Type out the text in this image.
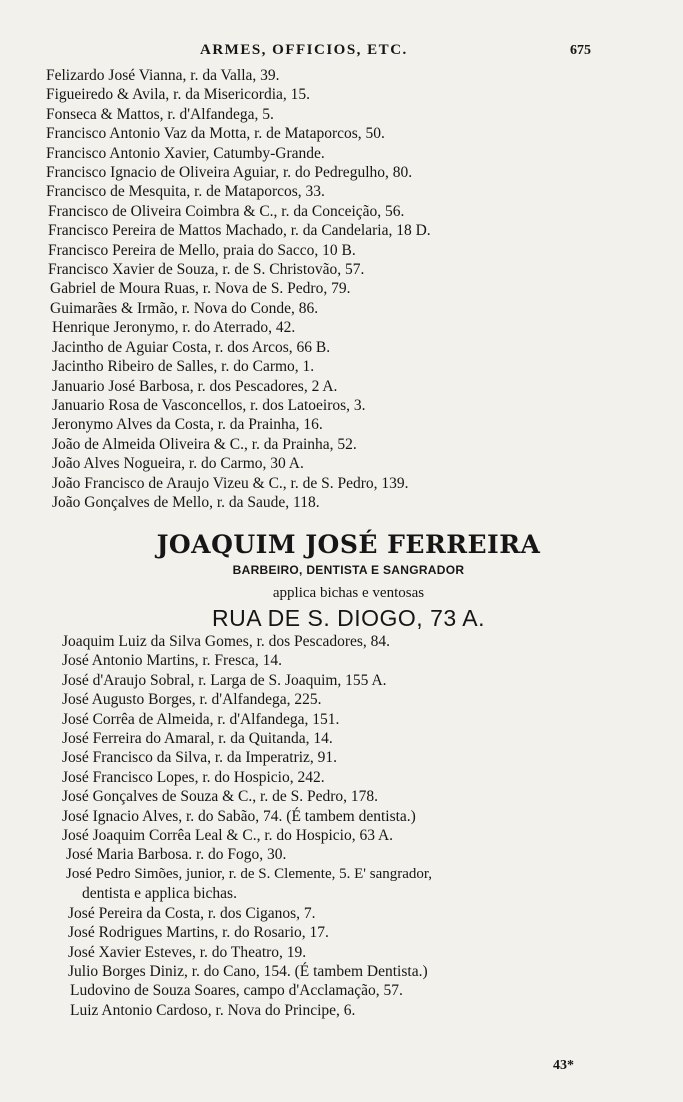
ARMES, OFFICIOS, ETC.	675
Felizardo José Vianna, r. da Valla, 39.
Figueiredo & Avila, r. da Misericordia, 15.
Fonseca & Mattos, r. d'Alfandega, 5.
Francisco Antonio Vaz da Motta, r. de Mataporcos, 50.
Francisco Antonio Xavier, Catumby-Grande.
Francisco Ignacio de Oliveira Aguiar, r. do Pedregulho, 80.
Francisco de Mesquita, r. de Mataporcos, 33.
Francisco de Oliveira Coimbra & C., r. da Conceição, 56.
Francisco Pereira de Mattos Machado, r. da Candelaria, 18 D.
Francisco Pereira de Mello, praia do Sacco, 10 B.
Francisco Xavier de Souza, r. de S. Christovão, 57.
Gabriel de Moura Ruas, r. Nova de S. Pedro, 79.
Guimarães & Irmão, r. Nova do Conde, 86.
Henrique Jeronymo, r. do Aterrado, 42.
Jacintho de Aguiar Costa, r. dos Arcos, 66 B.
Jacintho Ribeiro de Salles, r. do Carmo, 1.
Januario José Barbosa, r. dos Pescadores, 2 A.
Januario Rosa de Vasconcellos, r. dos Latoeiros, 3.
Jeronymo Alves da Costa, r. da Prainha, 16.
João de Almeida Oliveira & C., r. da Prainha, 52.
João Alves Nogueira, r. do Carmo, 30 A.
João Francisco de Araujo Vizeu & C., r. de S. Pedro, 139.
João Gonçalves de Mello, r. da Saude, 118.
JOAQUIM JOSÉ FERREIRA
BARBEIRO, DENTISTA E SANGRADOR
applica bichas e ventosas
RUA DE S. DIOGO, 73 A.
Joaquim Luiz da Silva Gomes, r. dos Pescadores, 84.
José Antonio Martins, r. Fresca, 14.
José d'Araujo Sobral, r. Larga de S. Joaquim, 155 A.
José Augusto Borges, r. d'Alfandega, 225.
José Corrêa de Almeida, r. d'Alfandega, 151.
José Ferreira do Amaral, r. da Quitanda, 14.
José Francisco da Silva, r. da Imperatriz, 91.
José Francisco Lopes, r. do Hospicio, 242.
José Gonçalves de Souza & C., r. de S. Pedro, 178.
José Ignacio Alves, r. do Sabão, 74. (É tambem dentista.)
José Joaquim Corrêa Leal & C., r. do Hospicio, 63 A.
José Maria Barbosa. r. do Fogo, 30.
José Pedro Simões, junior, r. de S. Clemente, 5. E' sangrador,
dentista e applica bichas.
José Pereira da Costa, r. dos Ciganos, 7.
José Rodrigues Martins, r. do Rosario, 17.
José Xavier Esteves, r. do Theatro, 19.
Julio Borges Diniz, r. do Cano, 154. (É tambem Dentista.)
Ludovino de Souza Soares, campo d'Acclamação, 57.
Luiz Antonio Cardoso, r. Nova do Principe, 6.
43*
